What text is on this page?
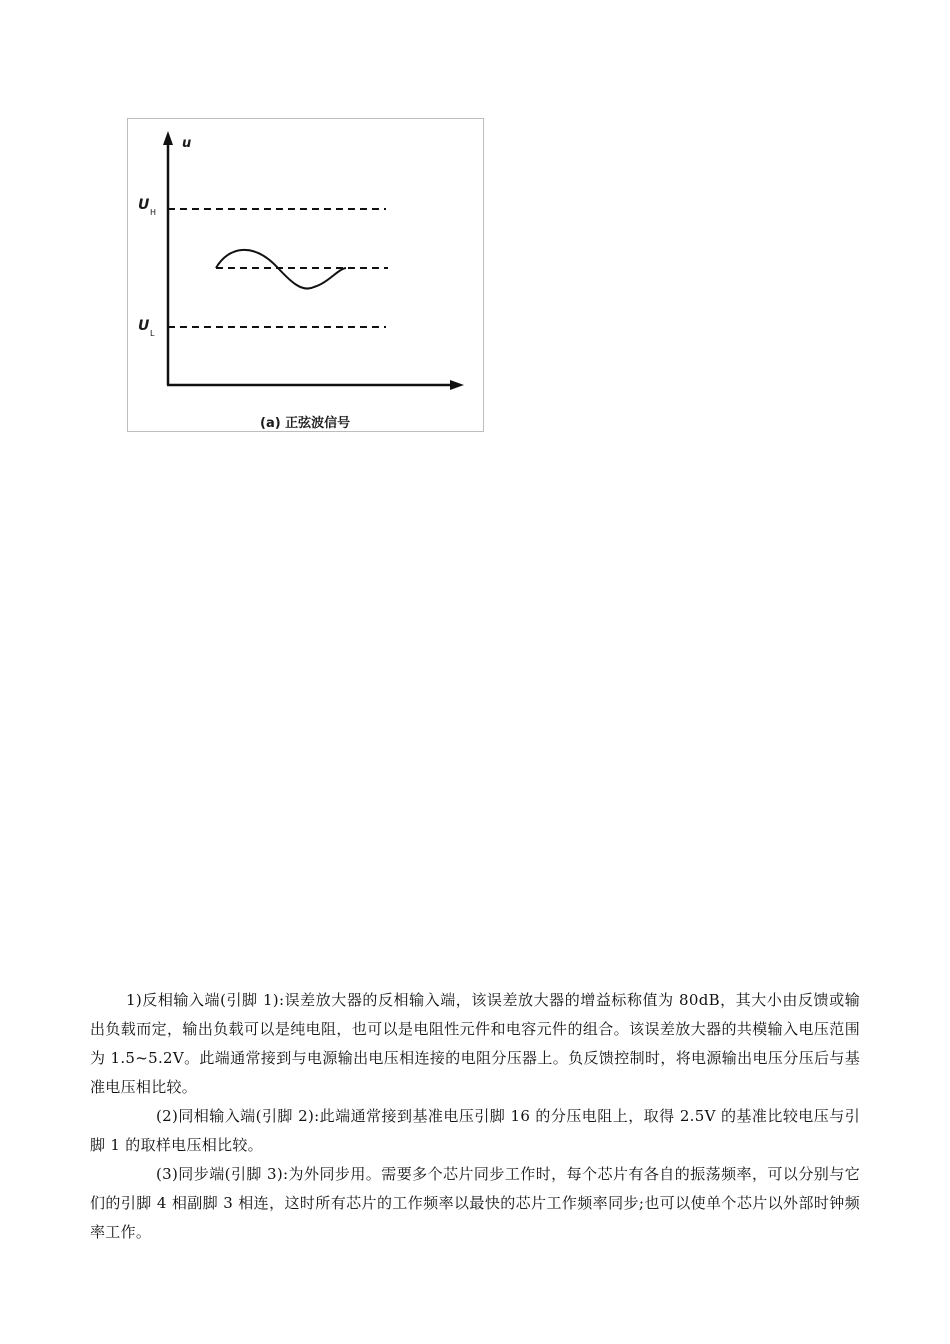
u
U H
U L
(a) 正弦波信号

1)反相输入端(引脚 1):误差放大器的反相输入端，该误差放大器的增益标称值为 80dB，其大小由反馈或输出负载而定，输出负载可以是纯电阻，也可以是电阻性元件和电容元件的组合。该误差放大器的共模输入电压范围为 1.5~5.2V。此端通常接到与电源输出电压相连接的电阻分压器上。负反馈控制时，将电源输出电压分压后与基准电压相比较。

(2)同相输入端(引脚 2):此端通常接到基准电压引脚 16 的分压电阻上，取得 2.5V 的基准比较电压与引脚 1 的取样电压相比较。

(3)同步端(引脚 3):为外同步用。需要多个芯片同步工作时，每个芯片有各自的振荡频率，可以分别与它们的引脚 4 相副脚 3 相连，这时所有芯片的工作频率以最快的芯片工作频率同步;也可以使单个芯片以外部时钟频率工作。
